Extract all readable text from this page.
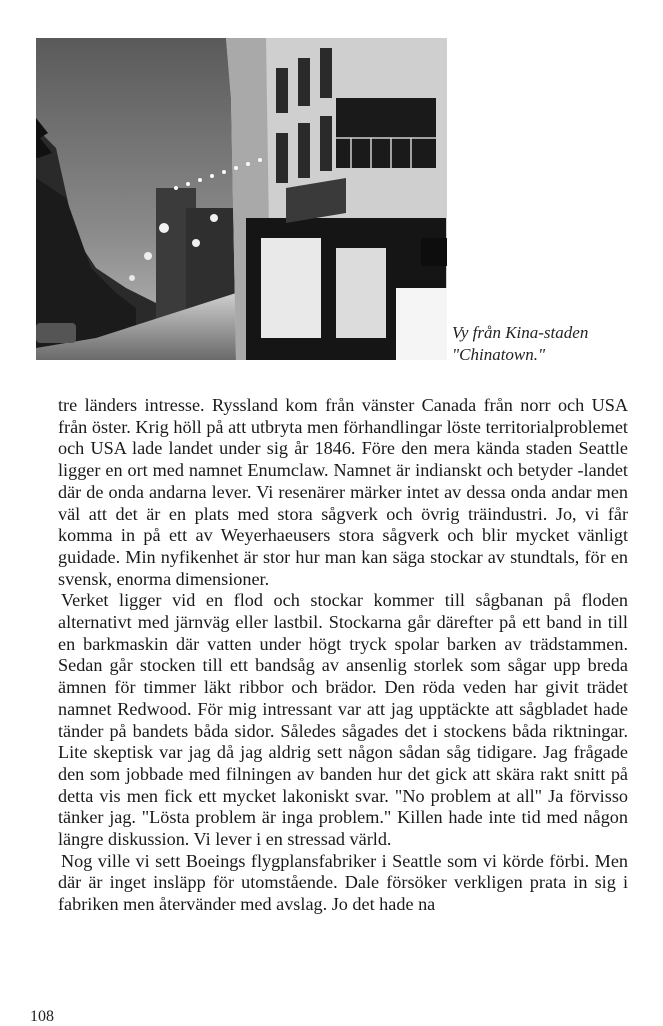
Vy från Kina-staden
"Chinatown."

tre länders intresse. Ryssland kom från vänster Canada från norr och USA från öster. Krig höll på att utbryta men förhandlingar löste territorialproblemet och USA lade landet under sig år 1846. Före den mera kända staden Seattle ligger en ort med namnet Enumclaw. Namnet är indianskt och betyder -landet där de onda andarna lever. Vi resenärer märker intet av dessa onda andar men väl att det är en plats med stora sågverk och övrig träindustri. Jo, vi får komma in på ett av Weyerhaeusers stora sågverk och blir mycket vänligt guidade. Min nyfikenhet är stor hur man kan säga stockar av stundtals, för en svensk, enorma dimensioner.

Verket ligger vid en flod och stockar kommer till sågbanan på floden alternativt med järnväg eller lastbil. Stockarna går därefter på ett band in till en barkmaskin där vatten under högt tryck spolar barken av trädstammen. Sedan går stocken till ett bandsåg av ansenlig storlek som sågar upp breda ämnen för timmer läkt ribbor och brädor. Den röda veden har givit trädet namnet Redwood. För mig intressant var att jag upptäckte att sågbladet hade tänder på bandets båda sidor. Således sågades det i stockens båda riktningar. Lite skeptisk var jag då jag aldrig sett någon sådan såg tidigare. Jag frågade den som jobbade med filningen av banden hur det gick att skära rakt snitt på detta vis men fick ett mycket lakoniskt svar. "No problem at all" Ja förvisso tänker jag. "Lösta problem är inga problem." Killen hade inte tid med någon längre diskussion. Vi lever i en stressad värld.

Nog ville vi sett Boeings flygplansfabriker i Seattle som vi körde förbi. Men där är inget insläpp för utomstående. Dale försöker verkligen prata in sig i fabriken men återvänder med avslag. Jo det hade na

108
